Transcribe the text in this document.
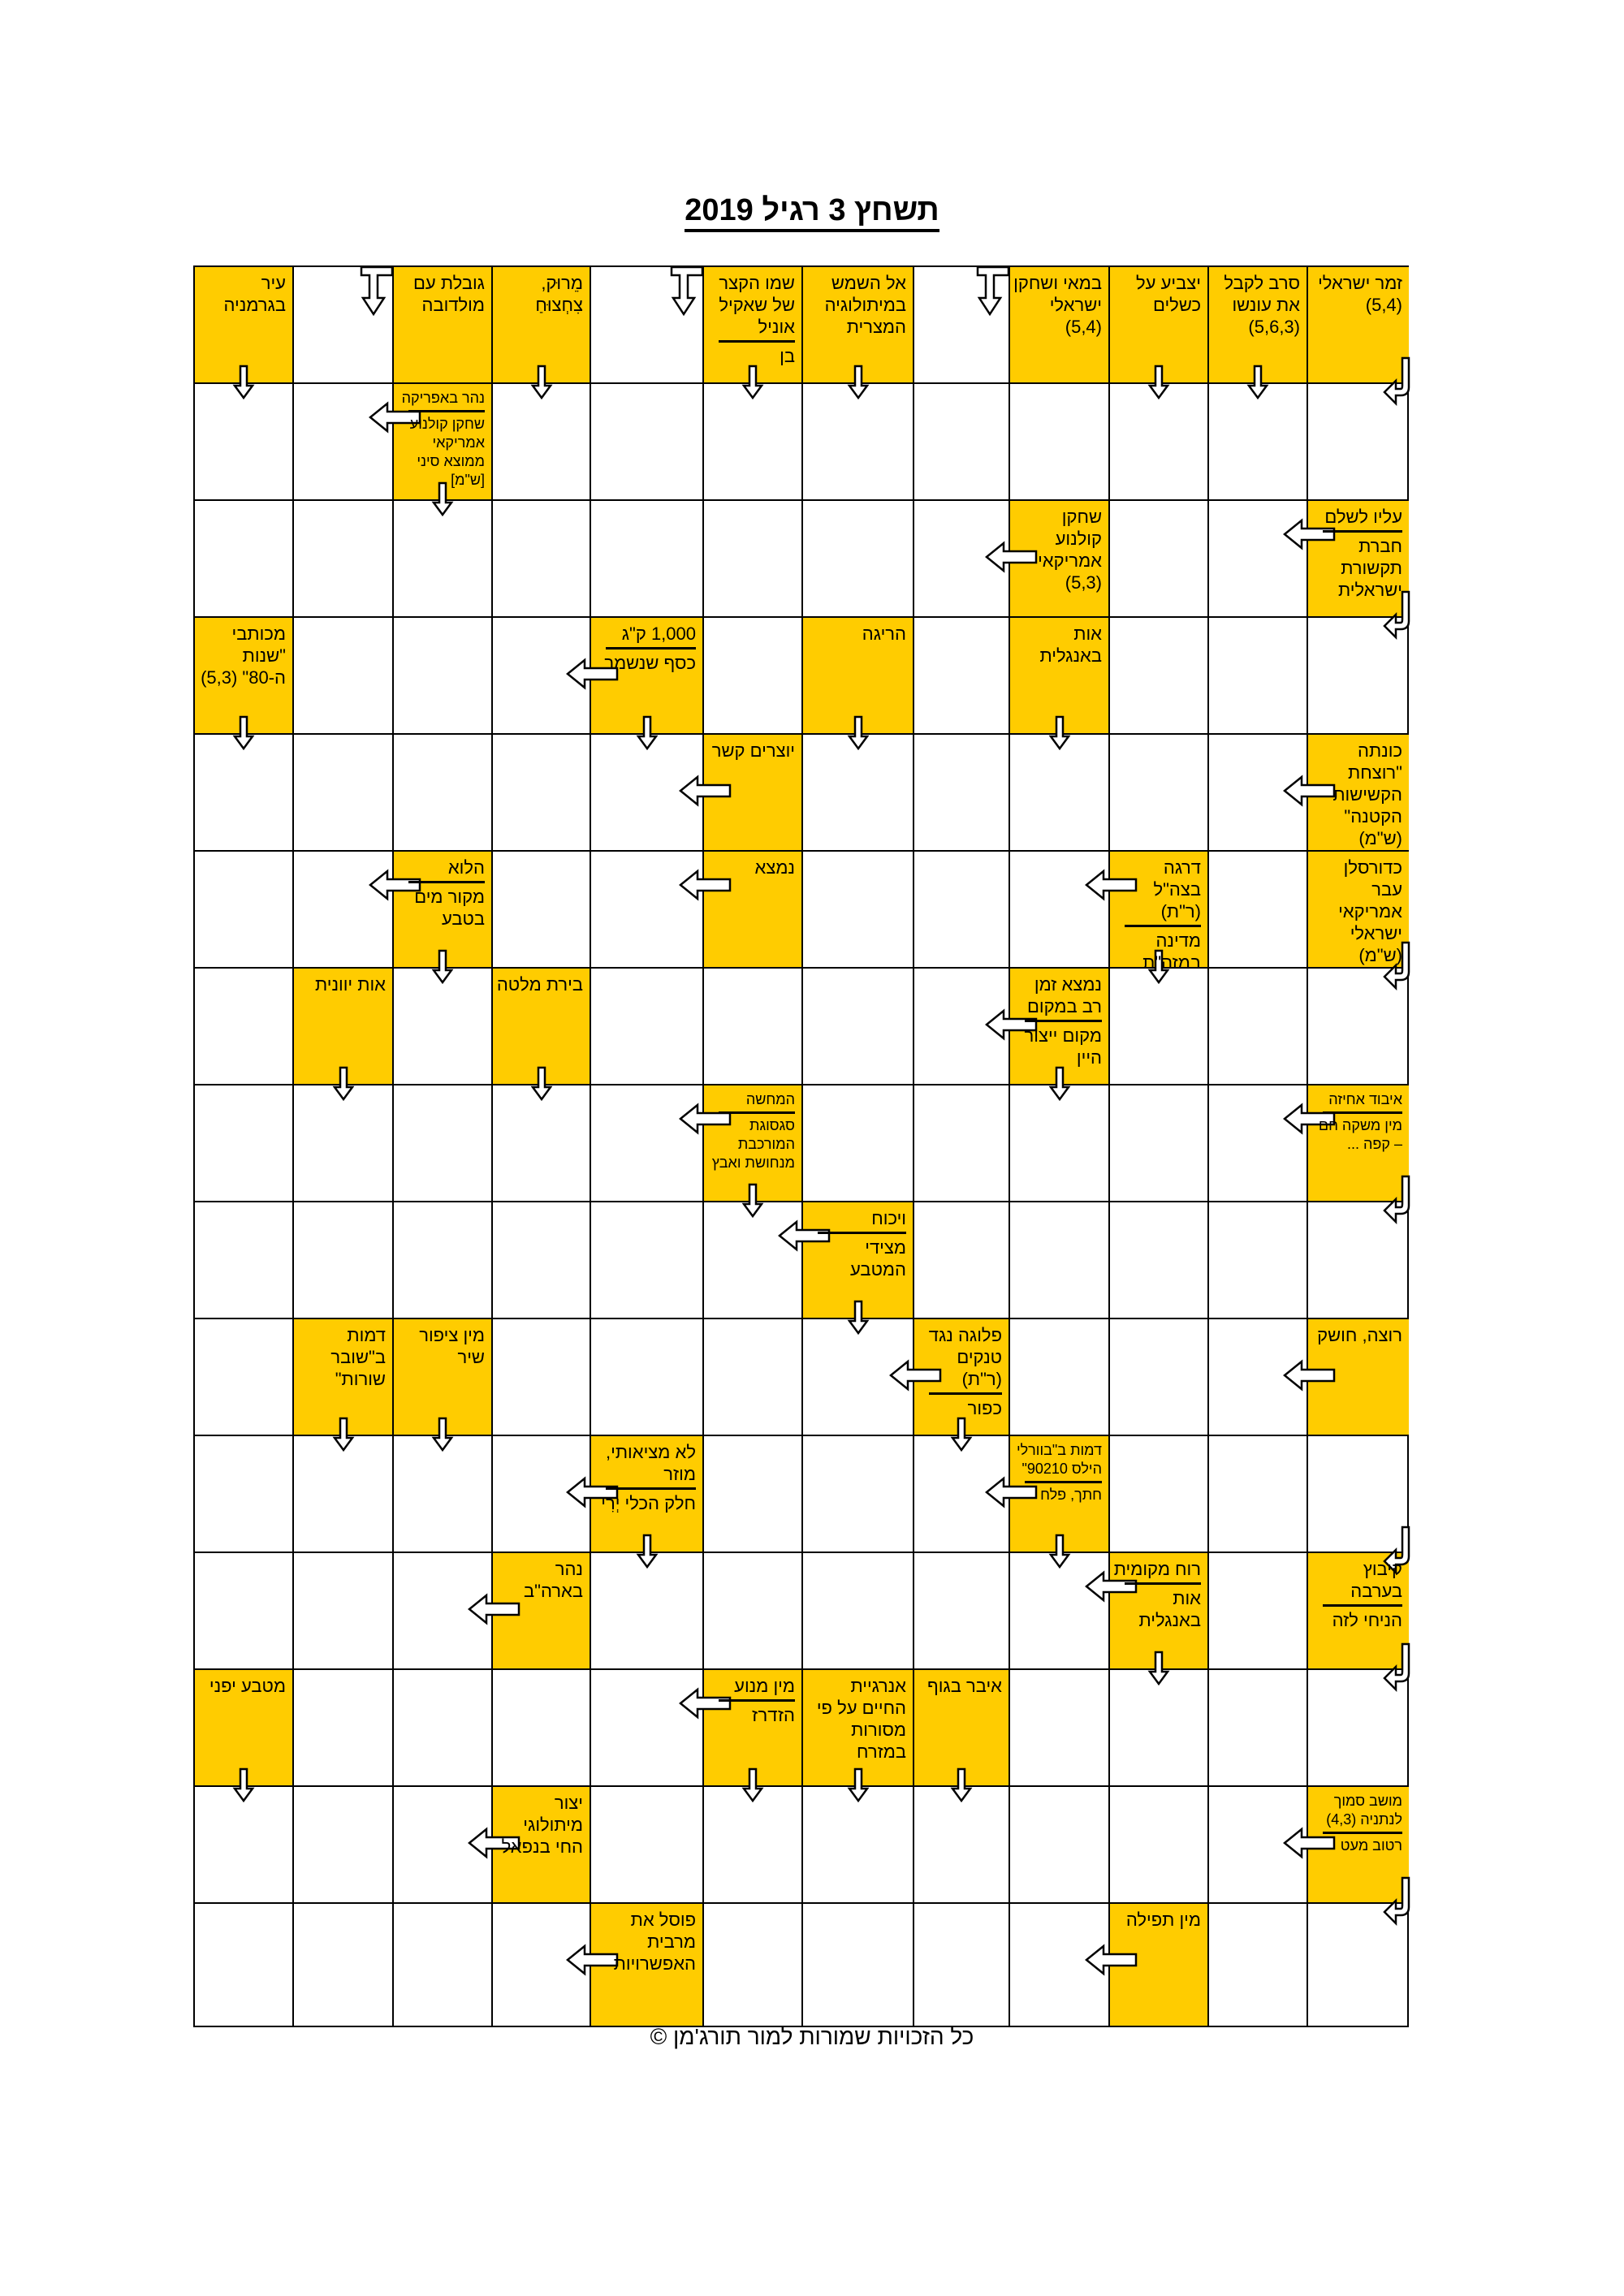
תשחץ 3 רגיל 2019
עיר בגרמניה
גובלת עם מולדובה
מֵרוּק, צִחְצוּחַ
שמו הקצר של שאקיל אוניל
בן
אל השמש במיתולוגיה המצרית
במאי ושחקן ישראלי (5,4)
יצביע על כשלים
סרב לקבל את עונשו (5,6,3)
זמר ישראלי (5,4)
נהר באפריקה
שחקן קולנוע אמריקאי ממוצא סיני [ש"מ]
שחקן קולנוע אמריקאי (5,3)
עליו לשלם
חברת תקשורת ישראלית
מכותבי "שנות ה-80" (5,3)
1,000 ק"ג
כסף שנשמר
הריגה	אות באנגלית
יוצרים קשר	כונתה "רוצחת הקשישות הקטנה" (ש"מ)
הלוא
מקור מים בטבע
נמצא	דרגה בצה"ל (ר"ת)
מדינה במזה"ת
כדורסלן עבר אמריקאי ישראלי (ש"מ)
אות יוונית	בירת מלטה	נמצא זמן רב במקום
מקום ייצור היין
המחשה
סגסוגת המורכבת מנחושת ואבץ
איבוד אחיזה
מין משקה חם – קפה ...
ויכוח
מצידי המטבע
דמות ב"שובר שורות"
מין ציפור שיר
פלוגה נגד טנקים (ר"ת)
כפור
רוצה, חושק
לא מציאותי, מוזר
חלק הכלי יְרִי
דמות ב"בוורלי הילס 90210"
חתך, פלח
נהר בארה"ב
רוח מקומית
אות באנגלית
קיבוץ בערבה
הניחי לזה
מטבע יפני	מין מנוע
הזדרז
אנרגיית החיים על פי מסורות במזרח
איבר בגוף
יצור מיתולוגי החי בנפאל
מושב סמוך לנתניה (4,3)
רטוב מעט
פוסל את מרבית האפשרויות
מין תפילה
כל הזכויות שמורות למור תורג'מן ©
